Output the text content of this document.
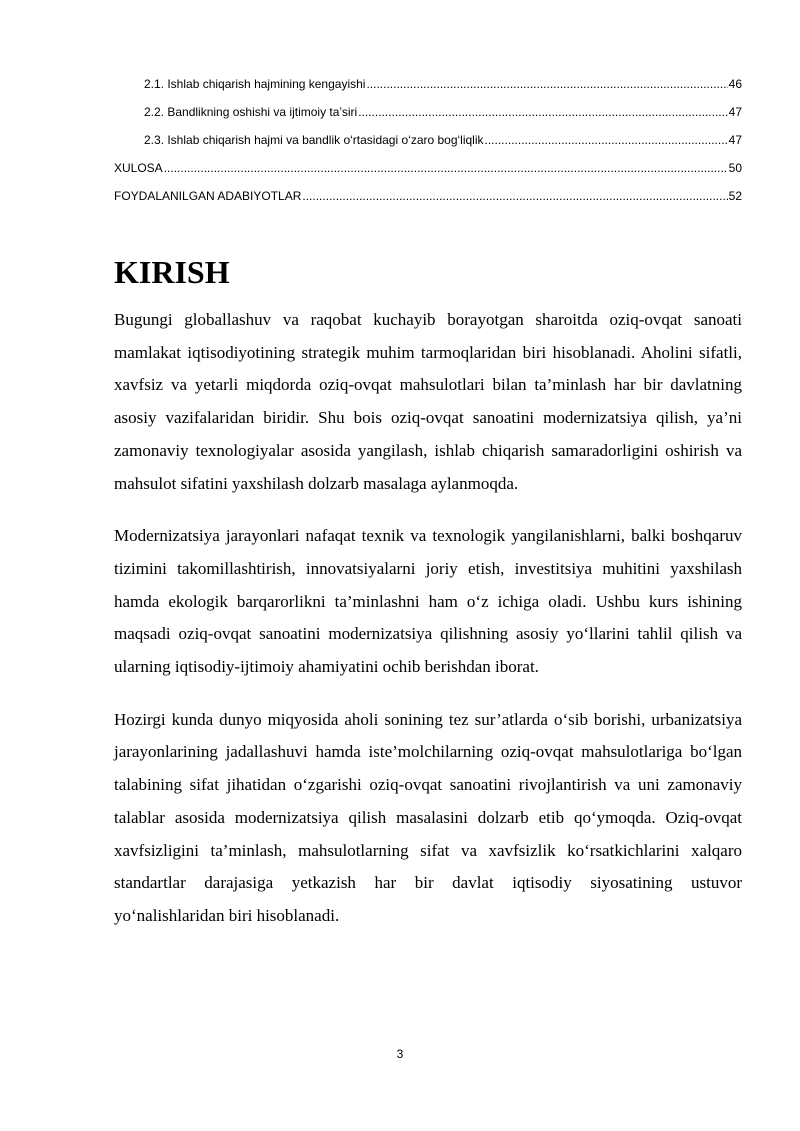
2.1. Ishlab chiqarish hajmining kengayishi .....	46
2.2. Bandlikning oshishi va ijtimoiy ta’siri .....	47
2.3. Ishlab chiqarish hajmi va bandlik o‘rtasidagi o‘zaro bog‘liqlik .....	47
XULOSA .....	50
FOYDALANILGAN ADABIYOTLAR .....	52
KIRISH

Bugungi globallashuv va raqobat kuchayib borayotgan sharoitda oziq-ovqat sanoati mamlakat iqtisodiyotining strategik muhim tarmoqlaridan biri hisoblanadi. Aholini sifatli, xavfsiz va yetarli miqdorda oziq-ovqat mahsulotlari bilan ta’minlash har bir davlatning asosiy vazifalaridan biridir. Shu bois oziq-ovqat sanoatini modernizatsiya qilish, ya’ni zamonaviy texnologiyalar asosida yangilash, ishlab chiqarish samaradorligini oshirish va mahsulot sifatini yaxshilash dolzarb masalaga aylanmoqda.

Modernizatsiya jarayonlari nafaqat texnik va texnologik yangilanishlarni, balki boshqaruv tizimini takomillashtirish, innovatsiyalarni joriy etish, investitsiya muhitini yaxshilash hamda ekologik barqarorlikni ta’minlashni ham o‘z ichiga oladi. Ushbu kurs ishining maqsadi oziq-ovqat sanoatini modernizatsiya qilishning asosiy yo‘llarini tahlil qilish va ularning iqtisodiy-ijtimoiy ahamiyatini ochib berishdan iborat.

Hozirgi kunda dunyo miqyosida aholi sonining tez sur’atlarda o‘sib borishi, urbanizatsiya jarayonlarining jadallashuvi hamda iste’molchilarning oziq-ovqat mahsulotlariga bo‘lgan talabining sifat jihatidan o‘zgarishi oziq-ovqat sanoatini rivojlantirish va uni zamonaviy talablar asosida modernizatsiya qilish masalasini dolzarb etib qo‘ymoqda. Oziq-ovqat xavfsizligini ta’minlash, mahsulotlarning sifat va xavfsizlik ko‘rsatkichlarini xalqaro standartlar darajasiga yetkazish har bir davlat iqtisodiy siyosatining ustuvor yo‘nalishlaridan biri hisoblanadi.

3
